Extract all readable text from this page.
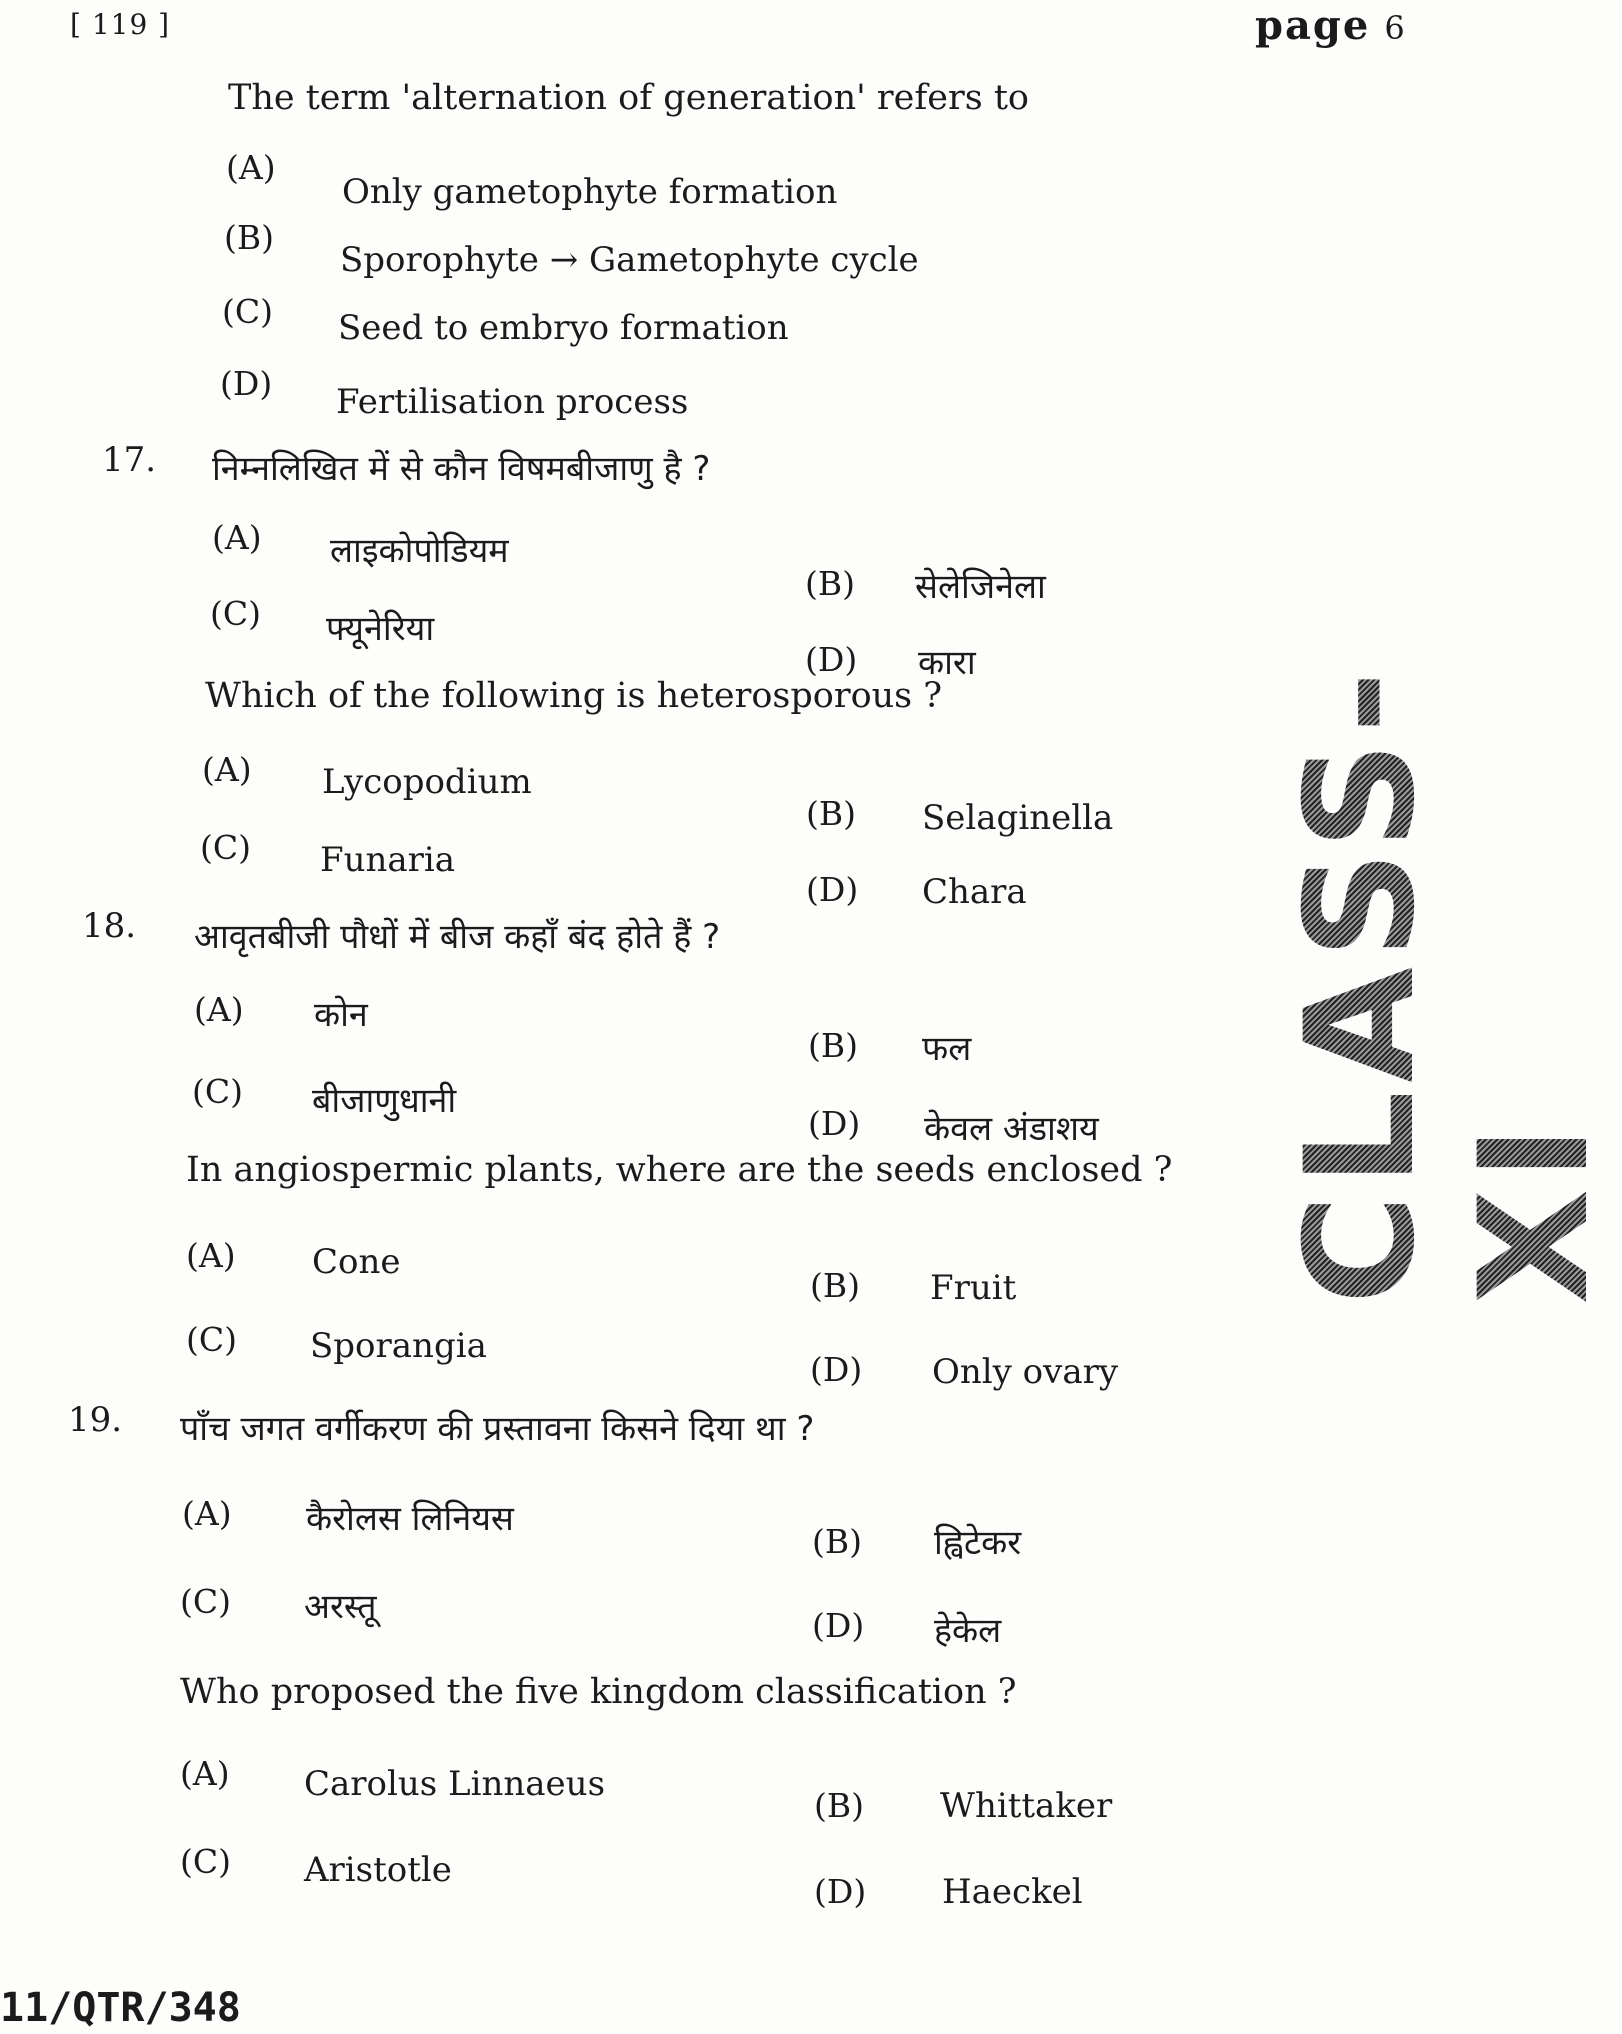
[ 119 ]	page 6
The term 'alternation of generation' refers to
(A)
Only gametophyte formation
(B)
Sporophyte → Gametophyte cycle
(C) Seed to embryo formation
(D) Fertilisation process
17. निम्नलिखित में से कौन विषमबीजाणु है ?
(A) लाइकोपोडियम
(B) सेलेजिनेला
(C) फ्यूनेरिया
(D) कारा
Which of the following is heterosporous ?
(A) Lycopodium
(B) Selaginella
(C) Funaria
(D) Chara
18. आवृतबीजी पौधों में बीज कहाँ बंद होते हैं ?
(A) कोन
(B) फल
(C) बीजाणुधानी
(D) केवल अंडाशय
In angiospermic plants, where are the seeds enclosed ?
(A) Cone
(B) Fruit
(C) Sporangia
(D) Only ovary
19. पाँच जगत वर्गीकरण की प्रस्तावना किसने दिया था ?
(A) कैरोलस लिनियस
(B) ह्विटेकर
(C) अरस्तू	(D) हेकेल
Who proposed the five kingdom classification ?
(A) Carolus Linnaeus
(B) Whittaker
(C) Aristotle
(D) Haeckel
CLASS-XI
11/QTR/348
